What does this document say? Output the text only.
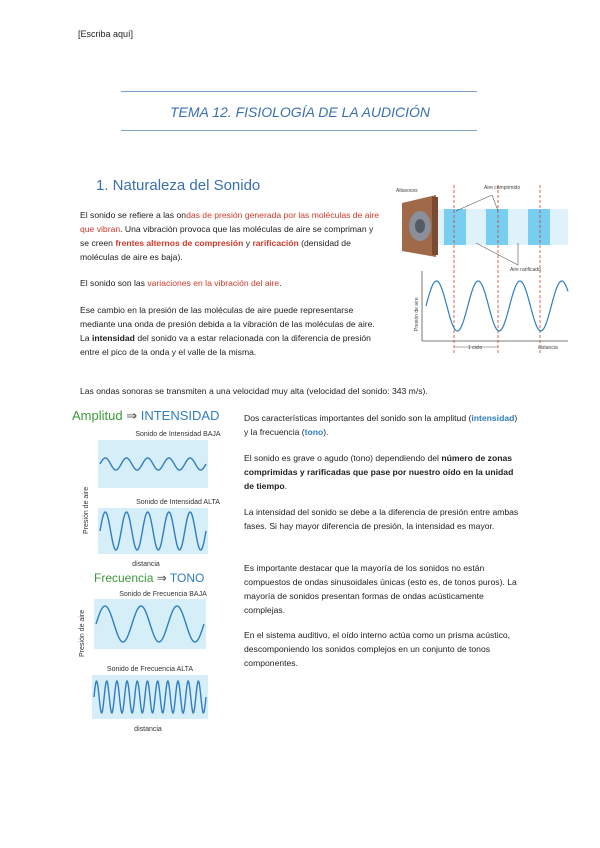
[Escriba aquí]
TEMA 12. FISIOLOGÍA DE LA AUDICIÓN
1. Naturaleza del Sonido
El sonido se refiere a las ondas de presión generada por las moléculas de aire que vibran. Una vibración provoca que las moléculas de aire se compriman y se creen frentes alternos de compresión y rarificación (densidad de moléculas de aire es baja).
El sonido son las variaciones en la vibración del aire.
Ese cambio en la presión de las moléculas de aire puede representarse mediante una onda de presión debida a la vibración de las moléculas de aire. La intensidad del sonido va a estar relacionada con la diferencia de presión entre el pico de la onda y el valle de la misma.
Las ondas sonoras se transmiten a una velocidad muy alta (velocidad del sonido: 343 m/s).
Altavoces	Aire comprimido
Aire rarificado
Presión de aire
1 ciclo	distancia
Amplitud ⇒ INTENSIDAD
Sonido de Intensidad BAJA
Sonido de Intensidad ALTA
Presión de aire
distancia
Frecuencia ⇒ TONO
Sonido de Frecuencia BAJA
Presión de aire
Sonido de Frecuencia ALTA
distancia
Dos características importantes del sonido son la amplitud (intensidad) y la frecuencia (tono).
El sonido es grave o agudo (tono) dependiendo del número de zonas comprimidas y rarificadas que pase por nuestro oído en la unidad de tiempo.
La intensidad del sonido se debe a la diferencia de presión entre ambas fases. Si hay mayor diferencia de presión, la intensidad es mayor.
Es importante destacar que la mayoría de los sonidos no están compuestos de ondas sinusoidales únicas (esto es, de tonos puros). La mayoría de sonidos presentan formas de ondas acústicamente complejas.
En el sistema auditivo, el oído interno actúa como un prisma acústico, descomponiendo los sonidos complejos en un conjunto de tonos componentes.
